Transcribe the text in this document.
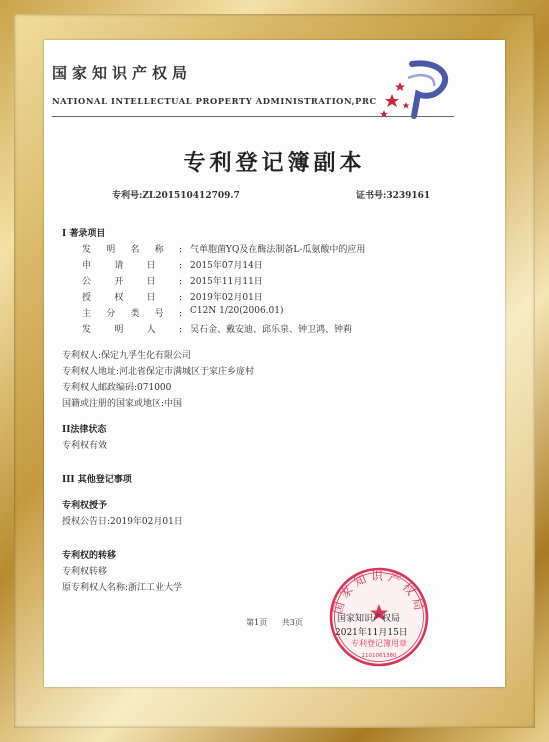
国家知识产权局
NATIONAL INTELLECTUAL PROPERTY ADMINISTRATION,PRC
专利登记簿副本
专利号:ZL201510412709.7	证书号:3239161
I 著录项目
发明名称: 气单胞菌YQ及在酶法制备L-瓜氨酸中的应用
申请日: 2015年07月14日
公开日: 2015年11月11日
授权日: 2019年02月01日
主分类号: C12N 1/20(2006.01)
发明人: 吴石金、戴安迪、邱乐泉、钟卫鸿、钟莉
专利权人:保定九孚生化有限公司
专利权人地址:河北省保定市满城区于家庄乡庞村
专利权人邮政编码:071000
国籍或注册的国家或地区:中国
II法律状态
专利权有效
III 其他登记事项
专利权授予
授权公告日:2019年02月01日
专利权的转移
专利权转移
原专利权人名称:浙江工业大学
第1页 共3页
国家知识产权局
专利登记簿用章
1101061380
国家知识产权局
2021年11月15日
